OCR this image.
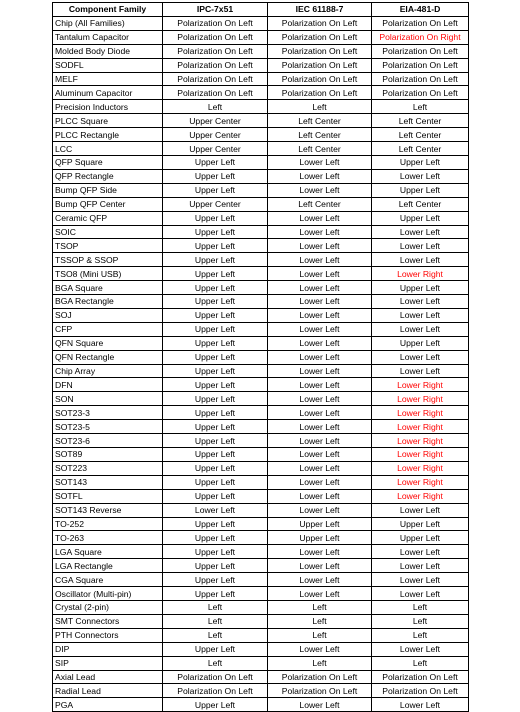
Component Family	IPC-7x51	IEC 61188-7	EIA-481-D
Chip (All Families)	Polarization On Left	Polarization On Left	Polarization On Left
Tantalum Capacitor	Polarization On Left	Polarization On Left	Polarization On Right
Molded Body Diode	Polarization On Left	Polarization On Left	Polarization On Left
SODFL	Polarization On Left	Polarization On Left	Polarization On Left
MELF	Polarization On Left	Polarization On Left	Polarization On Left
Aluminum Capacitor	Polarization On Left	Polarization On Left	Polarization On Left
Precision Inductors	Left	Left	Left
PLCC Square	Upper Center	Left Center	Left Center
PLCC Rectangle	Upper Center	Left Center	Left Center
LCC	Upper Center	Left Center	Left Center
QFP Square	Upper Left	Lower Left	Upper Left
QFP Rectangle	Upper Left	Lower Left	Lower Left
Bump QFP Side	Upper Left	Lower Left	Upper Left
Bump QFP Center	Upper Center	Left Center	Left Center
Ceramic QFP	Upper Left	Lower Left	Upper Left
SOIC	Upper Left	Lower Left	Lower Left
TSOP	Upper Left	Lower Left	Lower Left
TSSOP & SSOP	Upper Left	Lower Left	Lower Left
TSO8 (Mini USB)	Upper Left	Lower Left	Lower Right
BGA Square	Upper Left	Lower Left	Upper Left
BGA Rectangle	Upper Left	Lower Left	Lower Left
SOJ	Upper Left	Lower Left	Lower Left
CFP	Upper Left	Lower Left	Lower Left
QFN Square	Upper Left	Lower Left	Upper Left
QFN Rectangle	Upper Left	Lower Left	Lower Left
Chip Array	Upper Left	Lower Left	Lower Left
DFN	Upper Left	Lower Left	Lower Right
SON	Upper Left	Lower Left	Lower Right
SOT23-3	Upper Left	Lower Left	Lower Right
SOT23-5	Upper Left	Lower Left	Lower Right
SOT23-6	Upper Left	Lower Left	Lower Right
SOT89	Upper Left	Lower Left	Lower Right
SOT223	Upper Left	Lower Left	Lower Right
SOT143	Upper Left	Lower Left	Lower Right
SOTFL	Upper Left	Lower Left	Lower Right
SOT143 Reverse	Lower Left	Lower Left	Lower Left
TO-252	Upper Left	Upper Left	Upper Left
TO-263	Upper Left	Upper Left	Upper Left
LGA Square	Upper Left	Lower Left	Lower Left
LGA Rectangle	Upper Left	Lower Left	Lower Left
CGA Square	Upper Left	Lower Left	Lower Left
Oscillator (Multi-pin)	Upper Left	Lower Left	Lower Left
Crystal (2-pin)	Left	Left	Left
SMT Connectors	Left	Left	Left
PTH Connectors	Left	Left	Left
DIP	Upper Left	Lower Left	Lower Left
SIP	Left	Left	Left
Axial Lead	Polarization On Left	Polarization On Left	Polarization On Left
Radial Lead	Polarization On Left	Polarization On Left	Polarization On Left
PGA	Upper Left	Lower Left	Lower Left
